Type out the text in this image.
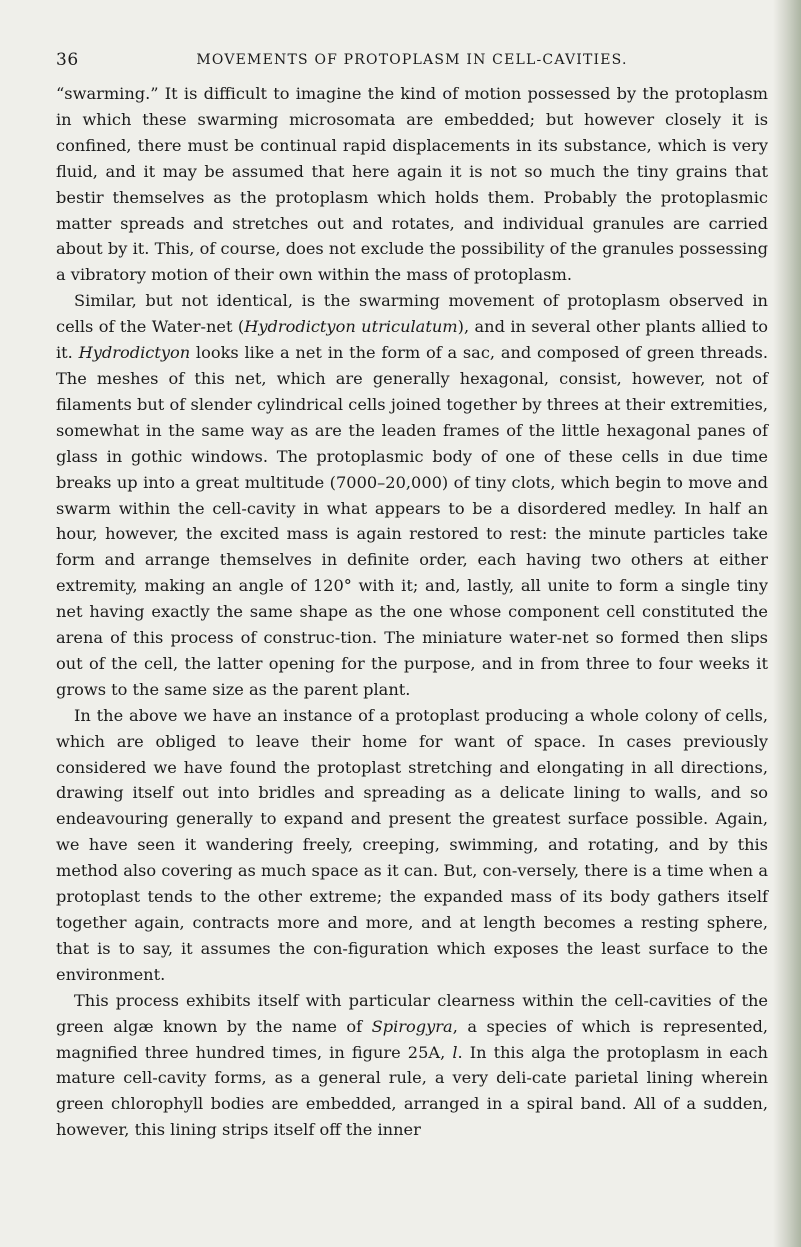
36	MOVEMENTS OF PROTOPLASM IN CELL-CAVITIES.

“swarming.” It is difficult to imagine the kind of motion possessed by the protoplasm in which these swarming microsomata are embedded; but however closely it is confined, there must be continual rapid displacements in its substance, which is very fluid, and it may be assumed that here again it is not so much the tiny grains that bestir themselves as the protoplasm which holds them. Probably the protoplasmic matter spreads and stretches out and rotates, and individual granules are carried about by it. This, of course, does not exclude the possibility of the granules possessing a vibratory motion of their own within the mass of protoplasm.

Similar, but not identical, is the swarming movement of protoplasm observed in cells of the Water-net (Hydrodictyon utriculatum), and in several other plants allied to it. Hydrodictyon looks like a net in the form of a sac, and composed of green threads. The meshes of this net, which are generally hexagonal, consist, however, not of filaments but of slender cylindrical cells joined together by threes at their extremities, somewhat in the same way as are the leaden frames of the little hexagonal panes of glass in gothic windows. The protoplasmic body of one of these cells in due time breaks up into a great multitude (7000–20,000) of tiny clots, which begin to move and swarm within the cell-cavity in what appears to be a disordered medley. In half an hour, however, the excited mass is again restored to rest: the minute particles take form and arrange themselves in definite order, each having two others at either extremity, making an angle of 120° with it; and, lastly, all unite to form a single tiny net having exactly the same shape as the one whose component cell constituted the arena of this process of construc-tion. The miniature water-net so formed then slips out of the cell, the latter opening for the purpose, and in from three to four weeks it grows to the same size as the parent plant.

In the above we have an instance of a protoplast producing a whole colony of cells, which are obliged to leave their home for want of space. In cases previously considered we have found the protoplast stretching and elongating in all directions, drawing itself out into bridles and spreading as a delicate lining to walls, and so endeavouring generally to expand and present the greatest surface possible. Again, we have seen it wandering freely, creeping, swimming, and rotating, and by this method also covering as much space as it can. But, con-versely, there is a time when a protoplast tends to the other extreme; the expanded mass of its body gathers itself together again, contracts more and more, and at length becomes a resting sphere, that is to say, it assumes the con-figuration which exposes the least surface to the environment.

This process exhibits itself with particular clearness within the cell-cavities of the green algæ known by the name of Spirogyra, a species of which is represented, magnified three hundred times, in figure 25A, l. In this alga the protoplasm in each mature cell-cavity forms, as a general rule, a very deli-cate parietal lining wherein green chlorophyll bodies are embedded, arranged in a spiral band. All of a sudden, however, this lining strips itself off the inner
